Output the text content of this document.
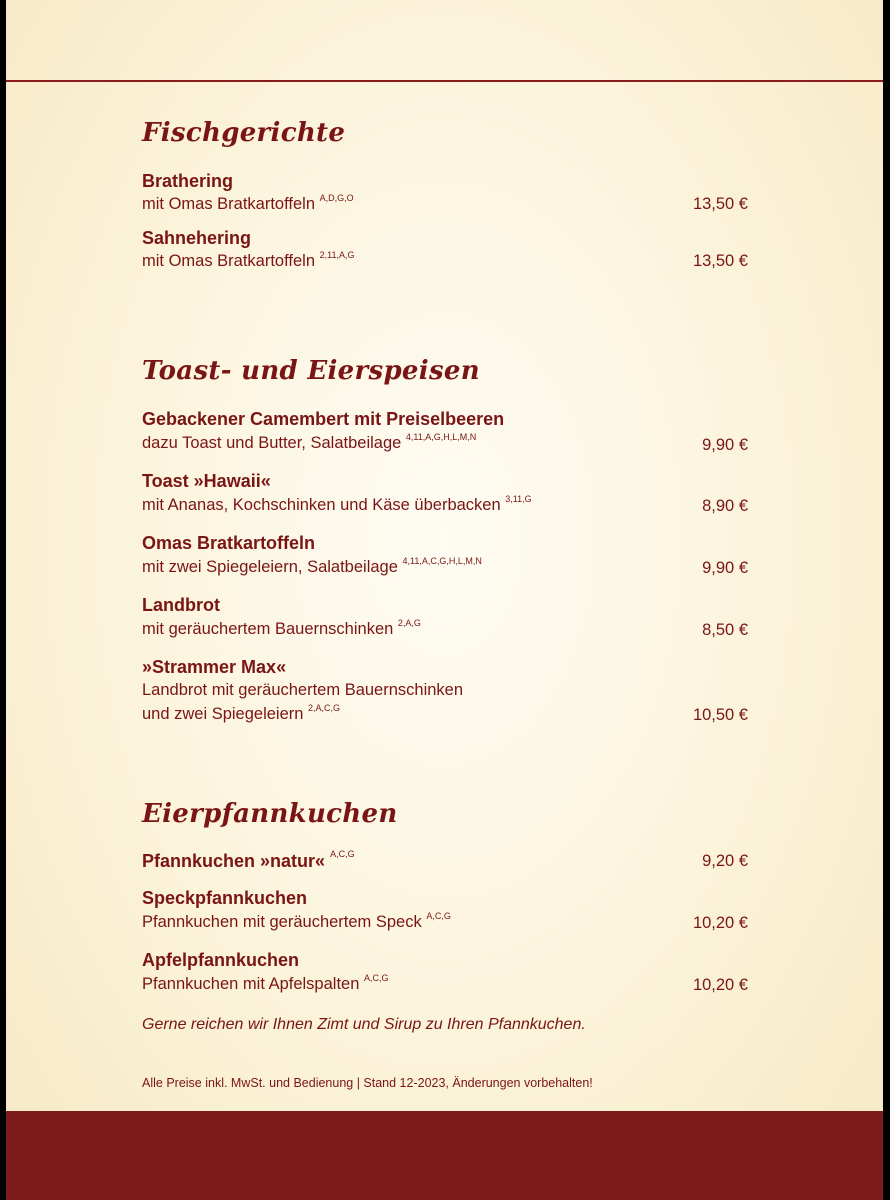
Fischgerichte
Brathering
mit Omas Bratkartoffeln $^{A,D,G,O}$	13,50 €
Sahnehering
mit Omas Bratkartoffeln $^{2,11,A,G}$	13,50 €
Toast- und Eierspeisen
Gebackener Camembert mit Preiselbeeren
dazu Toast und Butter, Salatbeilage $^{4,11,A,G,H,L,M,N}$	9,90 €
Toast »Hawaii«
mit Ananas, Kochschinken und Käse überbacken $^{3,11,G}$	8,90 €
Omas Bratkartoffeln
mit zwei Spiegeleiern, Salatbeilage $^{4,11,A,C,G,H,L,M,N}$	9,90 €
Landbrot
mit geräuchertem Bauernschinken $^{2,A,G}$	8,50 €
»Strammer Max«
Landbrot mit geräuchertem Bauernschinken
und zwei Spiegeleiern $^{2,A,C,G}$	10,50 €
Eierpfannkuchen
Pfannkuchen »natur« $^{A,C,G}$	9,20 €
Speckpfannkuchen
Pfannkuchen mit geräuchertem Speck $^{A,C,G}$	10,20 €
Apfelpfannkuchen
Pfannkuchen mit Apfelspalten $^{A,C,G}$	10,20 €
Gerne reichen wir Ihnen Zimt und Sirup zu Ihren Pfannkuchen.
Alle Preise inkl. MwSt. und Bedienung | Stand 12-2023, Änderungen vorbehalten!
